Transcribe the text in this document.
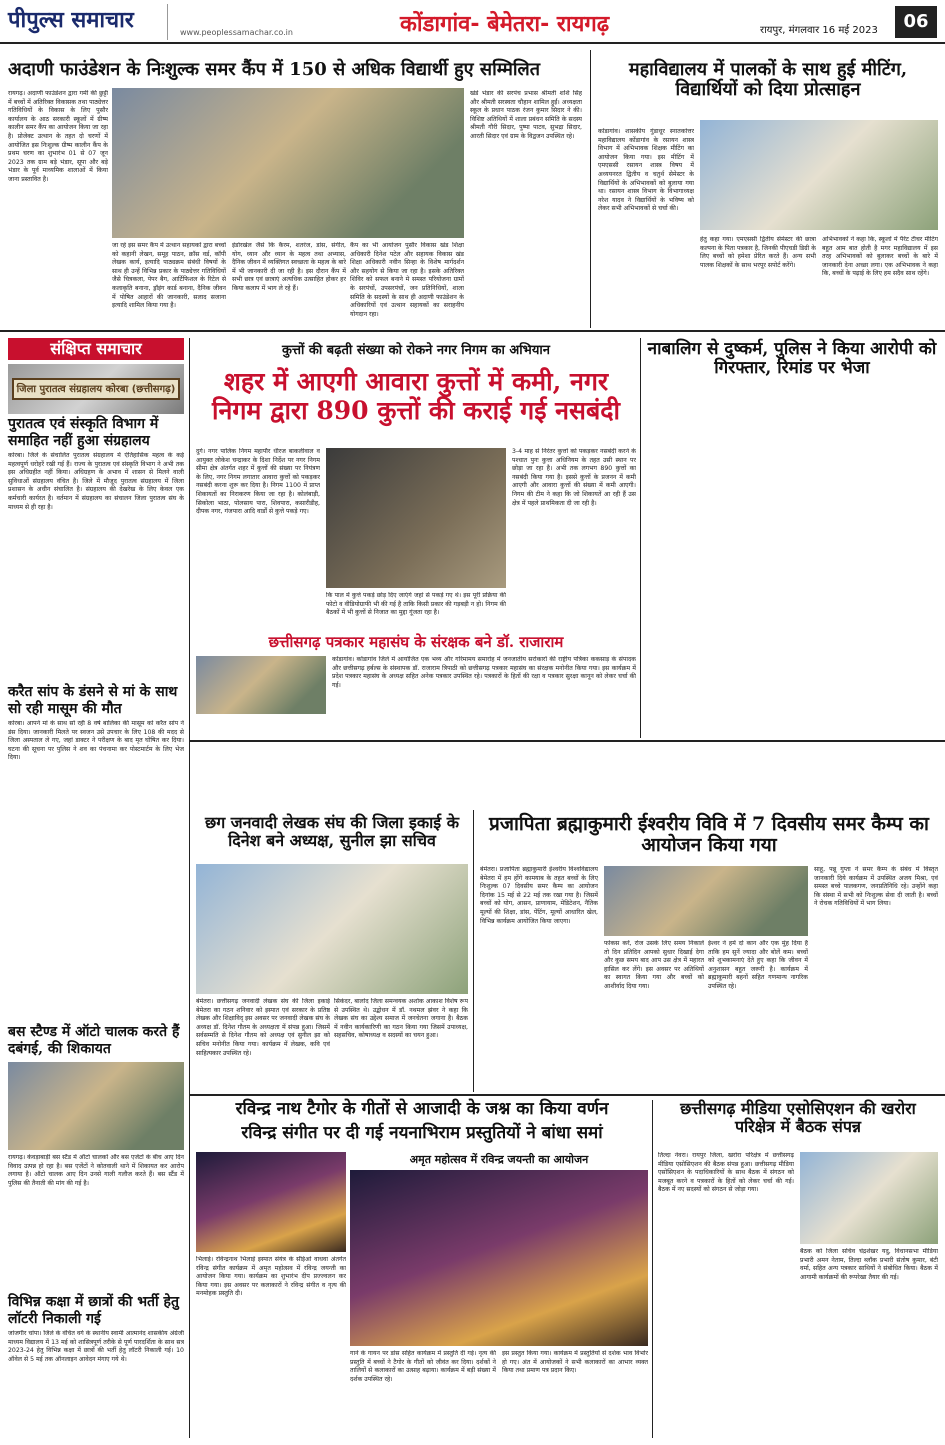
पीपुल्स समाचार	www.peoplessamachar.co.in	कोंडागांव- बेमेतरा- रायगढ़	रायपुर, मंगलवार 16 मई 2023	06
अदाणी फाउंडेशन के निःशुल्क समर कैंप में 150 से अधिक विद्यार्थी हुए सम्मिलित
रायगढ़। अदाणी फाउंडेशन द्वारा गर्मी की छुट्टी में बच्चों में अतिरिक्त विकासक तथा पाठ्येत्तर गतिविधियों के विकास के लिए पुसौर कार्यालय के आठ सरकारी स्कूलों में ग्रीष्म कालीन समर कैंप का आयोजन किया जा रहा है। प्रोजेक्ट उत्थान के तहत दो चरणों में आयोजित इस निःशुल्क ग्रीष्म कालीन कैंप के प्रथम चरण का शुभारंभ 01 से 07 जून 2023 तक ग्राम बड़े भंडार, सूपा और बड़े भंडार के पूर्व माध्यमिक शालाओं में किया जाना प्रस्तावित है।
जा रहे इस समर कैंप में उत्थान सहायकों द्वारा बच्चों को कहानी लेखन, समूह पाठन, क्रॉस वर्ड, कॉपी लेखक कार्य, इत्यादि पाठ्यक्रम संबंधी विषयों के साथ ही उन्हें विभिन्न प्रकार के पाठ्येत्तर गतिविधियों जैसे चित्रकला, पेपर बैग, आर्टिफिशल के रिटेल से कलाकृति बनाना, ड्रॉइंग कार्ड बनाना, दैनिक जीवन में पोषित आहारों की जानकारी, सलाद सजाना इत्यादि शामिल किया गया है।
इंडोरखेल जैसे कि कैरम, शतरंज, डांस, संगीत, योग, ध्यान और ध्यान के महत्व तथा अभ्यास, दैनिक जीवन में व्यक्तिगत स्वच्छता के महत्व के बारे में भी जानकारी दी जा रही है। इस दौरान कैंप में सभी छात्र एवं छात्राएं अत्यधिक उत्साहित होकर हर किया कलाप में भाग ले रहे हैं।
खंडे भंडार की सरपंच प्रभास श्रीमती शशि सिंह और श्रीमती सरस्वता चौहान शामिल हुईं। अध्यक्षता स्कूल के प्रधान पाठक रंजन कुमार सिदार ने की। विशिष्ट अतिथियों में शाला प्रबंधन समिति के सदस्य श्रीमती गौरी सिदार, पुष्पा पाटव, सुभद्रा सिदार, आरती सिदार एवं ग्राम के विद्वजन उपस्थित रहे।
कैंप का भी आयोजन पुसौर विकास खंड शिक्षा अधिकारी दिनेश पटेल और सहायक विकास खंड शिक्षा अधिकारी नवीन सिन्हा के विशेष मार्गदर्शन और सहयोग से किया जा रहा है। इसके अतिरिक्त शिविर को सफल बनाने मे समस्त परियोजना ग्रामों के सरपंचों, उपसरपंचों, जन प्रतिनिधियों, शाला समिति के सदस्यों के साथ ही अदाणी फाउंडेशन के अधिकारियों एवं उत्थान सहायकों का सराहनीय योगदान रहा।
महाविद्यालय में पालकों के साथ हुई मीटिंग, विद्यार्थियों को दिया प्रोत्साहन
कोंडागांव। शासकीय गुंडाधूर स्नातकोत्तर महाविद्यालय कोंडागांव के रसायन शास्त्र विभाग में अभिभावक शिक्षक मीटिंग का आयोजन किया गया। इस मीटिंग में एमएससी रसायन शास्त्र विषय में अध्ययनरत द्वितीय व चतुर्थ सेमेस्टर के विद्यार्थियों के अभिभावकों को बुलाया गया था। रसायन शास्त्र विभाग के विभागाध्यक्ष नरेश यादव ने विद्यार्थियों के भविष्य को लेकर सभी अभिभावकों से चर्चा की।
हेतु कहा गया। एमएससी द्वितीय सेमेस्टर की छात्रा कल्पना के पिता पत्रकार है, जिनकी पीएचडी डिग्री के लिए बच्चों को हमेशा प्रेरित करते हैं। अन्य सभी पालक शिक्षकों के साथ भरपूर सपोर्ट करेंगे।
अभिभावकों ने कहा कि, स्कूलों में पैरेंट टीचर मीटिंग बहुत आम बात होती है मगर महाविद्यालय में इस तरह अभिभावकों को बुलाकर बच्चों के बारे में जानकारी देना अच्छा लगा। एक अभिभावक ने कहा कि, बच्चों के पढ़ाई के लिए हम सदैव साथ रहेंगे।
संक्षिप्त समाचार
जिला पुरातत्व संग्रहालय कोरबा (छत्तीसगढ़)
पुरातत्व एवं संस्कृति विभाग में समाहित नहीं हुआ संग्रहालय
कोरबा। जिले के संचालित पुरातत्व संग्रहालय में ऐतिहासिक महत्व के कई महत्वपूर्ण धरोहरें रखी गई हैं। राज्य के पुरातत्व एवं संस्कृति विभाग ने अभी तक इस अधिग्रहीत नहीं किया। अधिग्रहण के अभाव में शासन से मिलने वाली सुविधाओं संग्रहालय वंचित है। जिले में मौजूद पुरातत्व संग्रहालय में जिला प्रशासन के अधीन संचालित है। संग्रहालय की देखरेख के लिए केवल एक कर्मचारी कार्यरत है। वर्तमान में संग्रहालय का संचालन जिला पुरातत्व संघ के माध्यम से ही रहा है।
करैत सांप के डंसने से मां के साथ सो रही मासूम की मौत
कोरबा। आपने मां के साथ सो रही 8 वर्ष बालिका की मासूम को करैत सांप ने डंस दिया। जानकारी मिलते पर स्वजन उसे उपचार के लिए 108 की मदद से जिला अस्पताल ले गए, जहां डाक्टर ने परीक्षण के बाद मृत घोषित कर दिया। घटना की सूचना पर पुलिस ने शव का पंचनामा कर पोस्टमार्टम के लिए भेज दिया।
बस स्टैण्ड में ऑटो चालक करते हैं दबंगई, की शिकायत
रायगढ़। केवड़ाबाड़ी बस स्टैंड में ऑटो चालकों और बस एजेंटों के बीच आए दिन विवाद उत्पन्न हो रहा है। बस एजेंटों ने कोतवाली थाने में शिकायत कर आरोप लगाया है। ऑटो चालक आए दिन उनसे गाली गलौज करते हैं। बस स्टैंड में पुलिस की तैनाती की मांग की गई है।
विभिन्न कक्षा में छात्रों की भर्ती हेतु लॉटरी निकाली गई
जांजगीर चांपा। जिले के वंचित वर्ग के स्थानीय स्वामी आत्मानंद शासकीय अंग्रेजी माध्यम विद्यालय में 13 मई को शासित्रपूर्ण तरीके से पूर्ण पारदर्शिता के साथ सत्र 2023-24 हेतु विभिन्न कक्षा में छात्रों की भर्ती हेतु लॉटरी निकाली गई। 10 ऑवेल से 5 मई तक ऑनलाइन आवेदन मंगाए गये थे।
कुत्तों की बढ़ती संख्या को रोकने नगर निगम का अभियान
शहर में आएगी आवारा कुत्तों में कमी, नगर निगम द्वारा 890 कुत्तों की कराई गई नसबंदी
दुर्ग। नगर पालिक निगम महापौर धीरज बाकलीवाल व आयुक्त लोकेश चन्द्राकर के दिशा निर्देश पर नगर निगम सीमा क्षेत्र अंतर्गत शहर में कुत्तों की संख्या पर नियंत्रण के लिए, नगर निगम लगातार आवारा कुत्तों को पकड़कर नसबंदी करना शुरू कर दिया है। निगम 1100 में प्राप्त शिकायतों का निराकरण किया जा रहा है। कोलंबाड़ी, सिकोला भाठा, पोलसाय पारा, शिवपारा, कसारीडीह, दीपक नगर, गंजपारा आदि वार्डों से कुत्ते पकड़े गए।
कि पाल में कुत्ते पकड़े छोड़ दिए जाएंगे जहां से पकड़े गए थे। इस पूरी प्रक्रिया की फोटो व वीडियोग्राफी भी की गई है ताकि किसी प्रकार की गड़बड़ी न हो। निगम की बैठकों में भी कुत्तों से निजात का मुद्दा गूंजता रहा है।
3-4 माह से निरंतर कुत्तों को पकड़कर नसबंदी करने के पश्चात पुनः कुत्ता अधिनियम के तहत उसी स्थान पर छोड़ा जा रहा है। अभी तक लगभग 890 कुत्तों का नसबंदी किया गया है। इससे कुत्तों के प्रजनन में कमी आएगी और आवारा कुत्तों की संख्या में कमी आएगी। निगम की टीम ने कहा कि जो शिकायतें आ रही हैं उस क्षेत्र में पहले प्राथमिकता दी जा रही है।
छत्तीसगढ़ पत्रकार महासंघ के संरक्षक बने डॉ. राजाराम
कोंडागांव। कोंडागांव जिले में आयोजित एक भव्य और गरिमामय समारोह में जनजातीय सरोकारों की राष्ट्रीय पत्रिका ककसाड़ के संपादक और छत्तीसगढ़ हर्बल्स के संस्थापक डॉ. राजाराम त्रिपाठी को छत्तीसगढ़ पत्रकार महासंघ का संरक्षक मनोनीत किया गया। इस कार्यक्रम में प्रदेश पत्रकार महासंघ के अध्यक्ष सहित अनेक पत्रकार उपस्थित रहे। पत्रकारों के हितों की रक्षा व पत्रकार सुरक्षा कानून को लेकर चर्चा की गई।
नाबालिग से दुष्कर्म, पुलिस ने किया आरोपी को गिरफ्तार, रिमांड पर भेजा
छग जनवादी लेखक संघ की जिला इकाई के दिनेश बने अध्यक्ष, सुनील झा सचिव
बेमेतरा। छत्तीसगढ़ जनवादी लेखक संघ की जिला इकाई बेमेतरा का गठन शनिवार को इस्पात एवं सरकार के प्रतिष्ठ लेखक और शिक्षाविद् इस अवसर पर जनवादी लेखक संघ के अध्यक्ष डॉ. दिनेश गौतम के अध्यक्षता में संपन्न हुआ। जिसमें सर्वसम्मति से दिनेश गौतम को अध्यक्ष एवं सुनील झा को सचिव मनोनीत किया गया। कार्यक्रम में लेखक, कवि एवं साहित्यकार उपस्थित रहे।
सिकंदर, बालोद जिला समन्वयक अशोक आकाश विशेष रूप से उपस्थित थे। उद्बोधन में डॉ. नथमल झंवर ने कहा कि लेखक संघ का उद्देश्य समाज में जनचेतना जगाना है। बैठक में नवीन कार्यकारिणी का गठन किया गया जिसमें उपाध्यक्ष, सहसचिव, कोषाध्यक्ष व सदस्यों का चयन हुआ।
प्रजापिता ब्रह्माकुमारी ईश्वरीय विवि में 7 दिवसीय समर कैम्प का आयोजन किया गया
बेमेतरा। प्रजापिता ब्रह्माकुमारी ईश्वरीय विश्वविद्यालय बेमेतरा में हम होंगे कामयाब के तहत बच्चों के लिए निःशुल्क 07 दिवसीय समर कैम्प का आयोजन दिनांक 15 मई से 22 मई तक रखा गया है। जिसमें बच्चों को योग, आसन, प्राणायाम, मेडिटेशन, नैतिक मूल्यों की शिक्षा, डांस, पेंटिंग, मूल्यों आधारित खेल, विभिन्न कार्यक्रम आयोजित किया जाएगा।
फोकस करें, रोज उसके लिए समय निकालें तो दिन प्रतिदिन आपको सुधार दिखाई देगा और कुछ समय बाद आप उस क्षेत्र में महारत हासिल कर लेंगे। इस अवसर पर अतिथियों का स्वागत किया गया और बच्चों को आशीर्वाद दिया गया।
ईश्वर ने हमें दो कान और एक मुंह दिया है ताकि हम सुनें ज्यादा और बोलें कम। बच्चों को शुभकामनाएं देते हुए कहा कि जीवन में अनुशासन बहुत जरूरी है। कार्यक्रम में ब्रह्माकुमारी बहनों सहित गणमान्य नागरिक उपस्थित रहे।
साहू, पन्नू गुप्ता ने समर कैम्प के संबंध में विस्तृत जानकारी दिये कार्यक्रम में उपस्थित अजय मिश्रा, एवं समस्त बच्चे पालकगण, जनप्रतिनिधि रहे। उन्होंने कहा कि संस्था में सभी को निःशुल्क सेवा दी जाती है। बच्चों ने रोचक गतिविधियों में भाग लिया।
रविन्द्र नाथ टैगोर के गीतों से आजादी के जश्न का किया वर्णन
रविन्द्र संगीत पर दी गई नयनाभिराम प्रस्तुतियों ने बांधा समां
भिलाई। रविन्द्रनाथ भिलाई इस्पात संयंत्र के सीईओ वाधवा अंतर्गत रविन्द्र संगीत कार्यक्रम में अमृत महोत्सव में रविन्द्र जयन्ती का आयोजन किया गया। कार्यक्रम का शुभारंभ दीप प्रज्ज्वलन कर किया गया। इस अवसर पर कलाकारों ने रविन्द्र संगीत व नृत्य की मनमोहक प्रस्तुति दी।
अमृत महोत्सव में रविन्द्र जयन्ती का आयोजन
गाने के गायन पर डांस सहित कार्यक्रम में प्रस्तुति दी गई। नृत्य की प्रस्तुति में बच्चों ने टैगोर के गीतों को जीवंत कर दिया। दर्शकों ने तालियों से कलाकारों का उत्साह बढ़ाया। कार्यक्रम में बड़ी संख्या में दर्शक उपस्थित रहे।
इस प्रस्तुत किया गया। कार्यक्रम में प्रस्तुतियों से दर्शक भाव विभोर हो गए। अंत में आयोजकों ने सभी कलाकारों का आभार व्यक्त किया तथा प्रमाण पत्र प्रदान किए।
छत्तीसगढ़ मीडिया एसोसिएशन की खरोरा परिक्षेत्र में बैठक संपन्न
तिल्दा नेवरा। रायपुर जिला, खरोरा परिक्षेत्र में छत्तीसगढ़ मीडिया एसोसिएशन की बैठक संपन्न हुआ। छत्तीसगढ़ मीडिया एसोसिएशन के पदाधिकारियों के साथ बैठक में संगठन को मजबूत करने व पत्रकारों के हितों को लेकर चर्चा की गई। बैठक में नए सदस्यों को संगठन से जोड़ा गया।
बैठक को जिला सचिव चंद्रशेखर यदु, विधानसभा मीडिया प्रभारी अमन नेताम, तिल्दा ब्लॉक प्रभारी संतोष कुमार, बंटी वर्मा, सहित अन्य पत्रकार साथियों ने संबोधित किया। बैठक में आगामी कार्यक्रमों की रूपरेखा तैयार की गई।
